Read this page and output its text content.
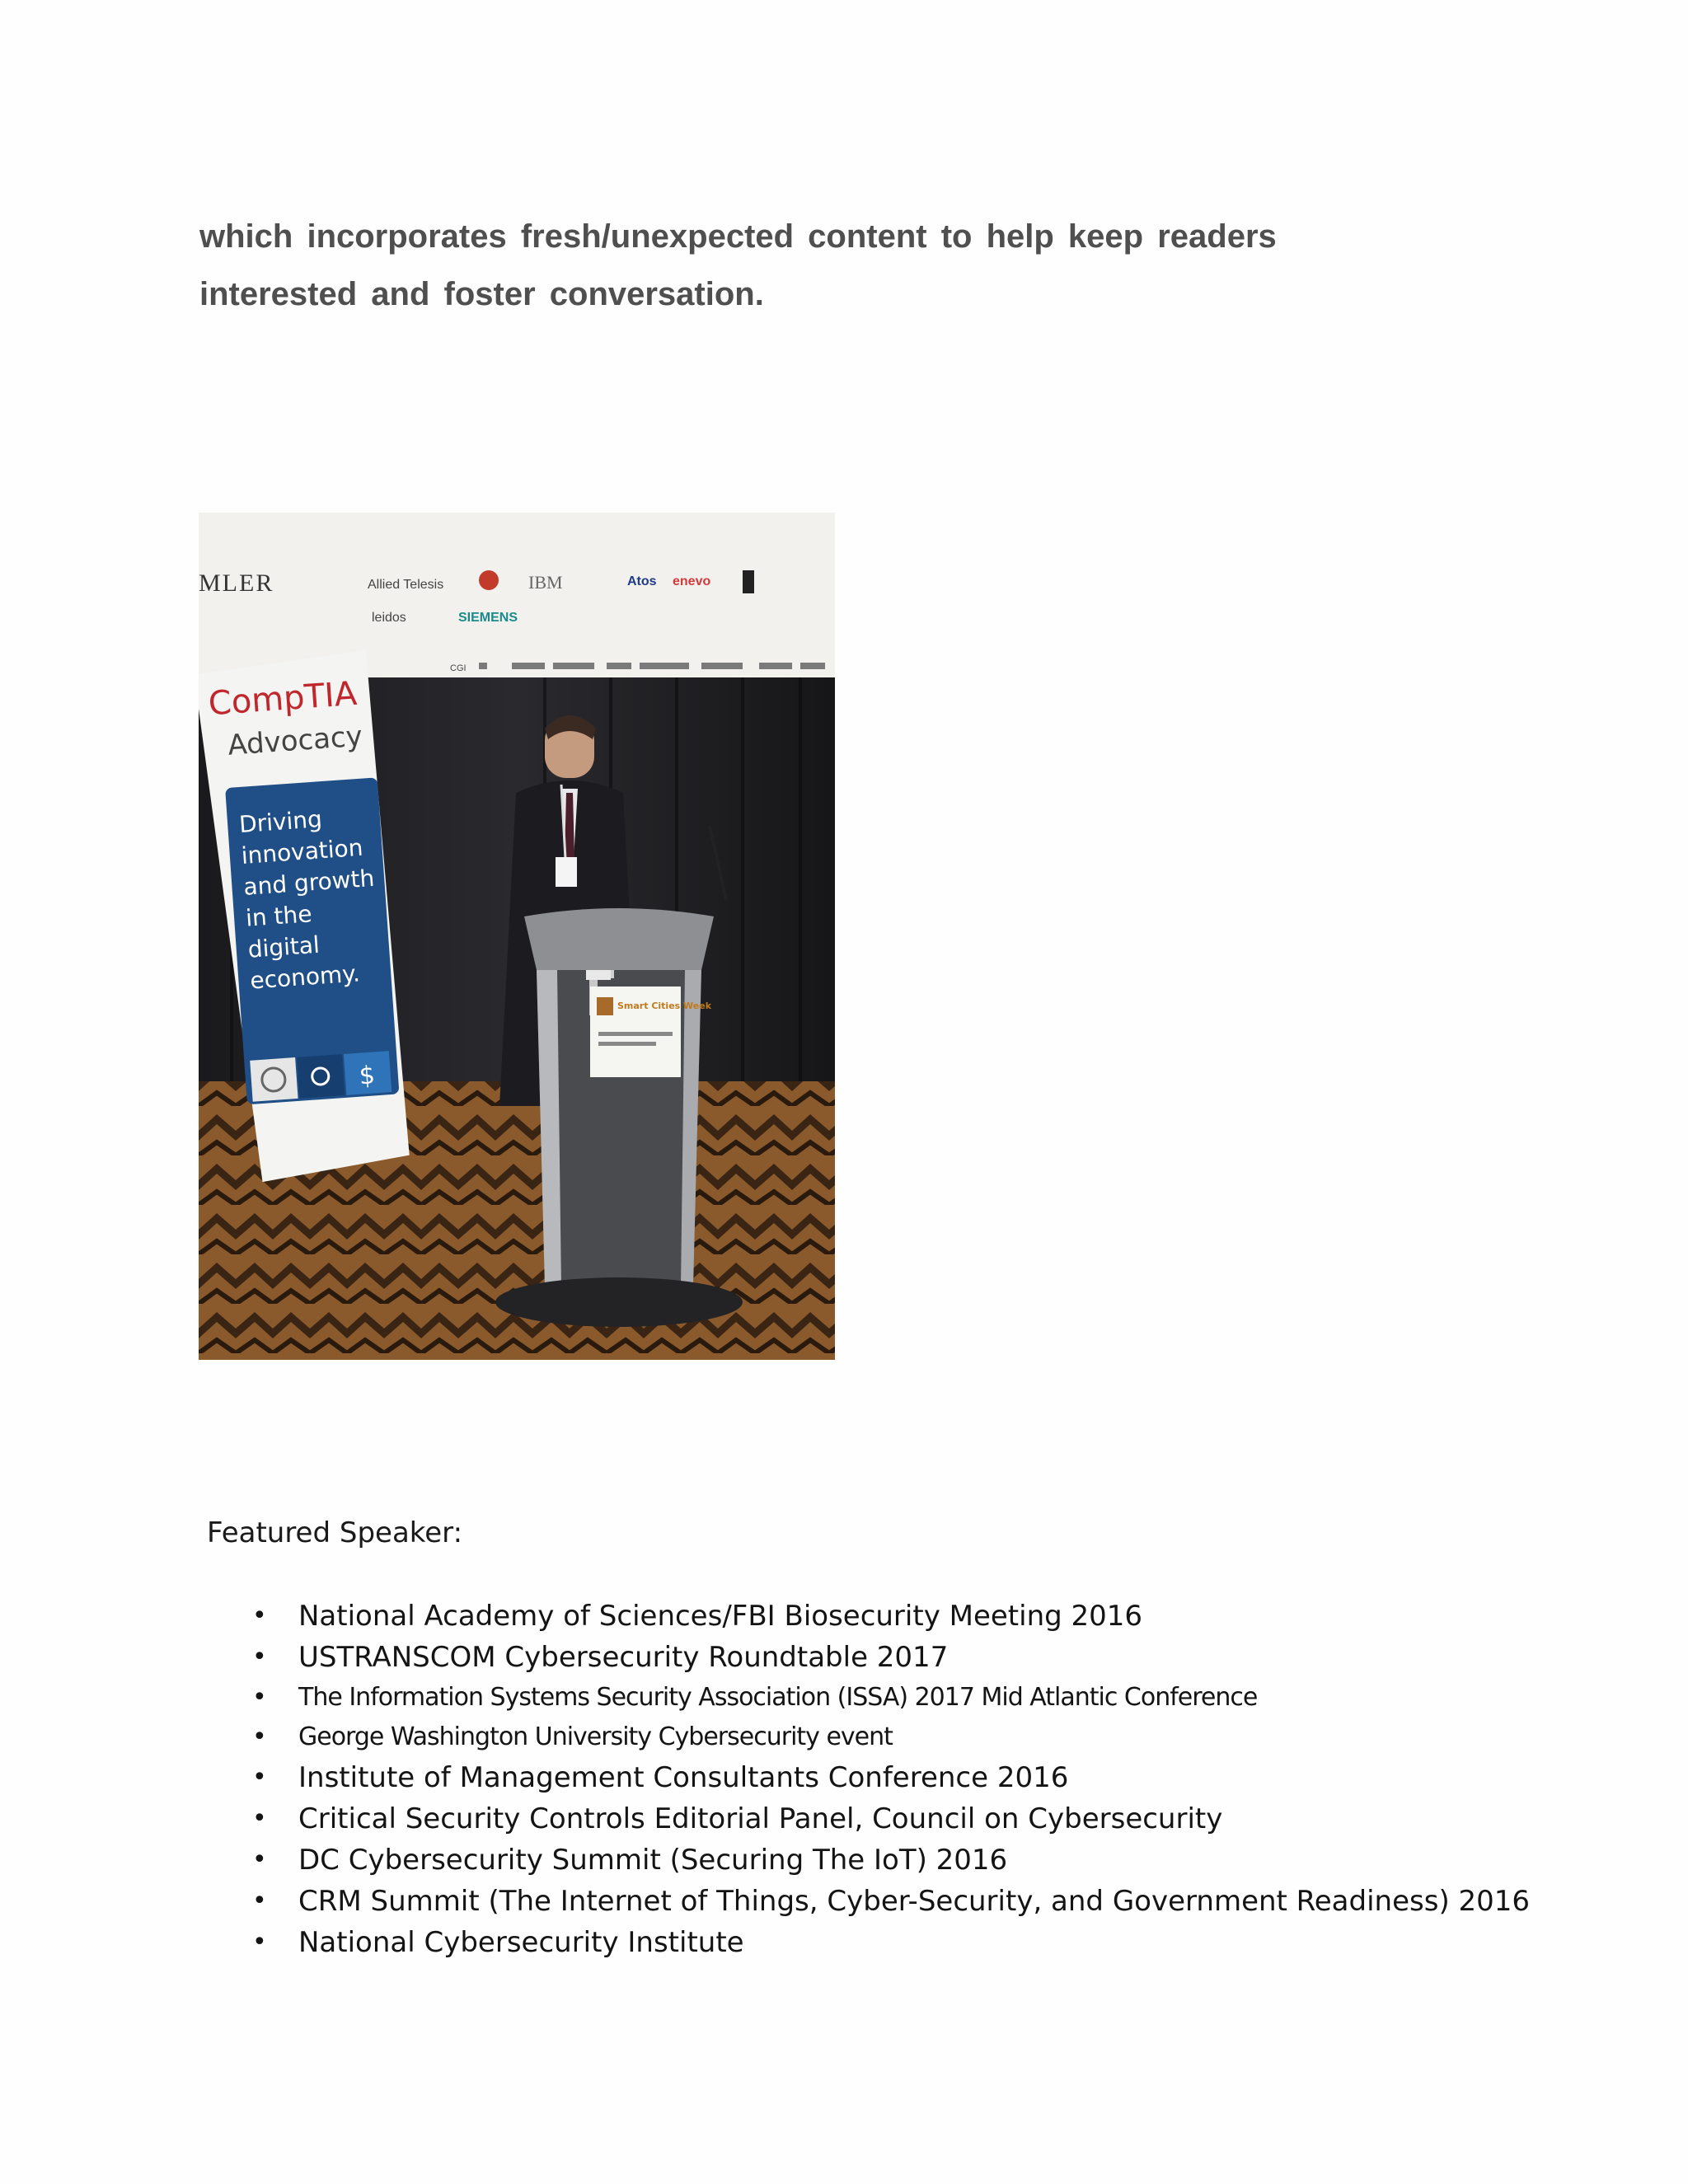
which incorporates fresh/unexpected content to help keep readers

interested and foster conversation.

MLER	Allied Telesis	IBM	Atos enevo
leidos	SIEMENS
CGI
CompTIA
Advocacy
Driving
innovation
and growth
in the
digital
economy.
$
Smart Cities Week
Featured Speaker:
• National Academy of Sciences/FBI Biosecurity Meeting 2016
• USTRANSCOM Cybersecurity Roundtable 2017
• The Information Systems Security Association (ISSA) 2017 Mid Atlantic Conference
• George Washington University Cybersecurity event
• Institute of Management Consultants Conference 2016
• Critical Security Controls Editorial Panel, Council on Cybersecurity
• DC Cybersecurity Summit (Securing The IoT) 2016
• CRM Summit (The Internet of Things, Cyber-Security, and Government Readiness) 2016
• National Cybersecurity Institute
